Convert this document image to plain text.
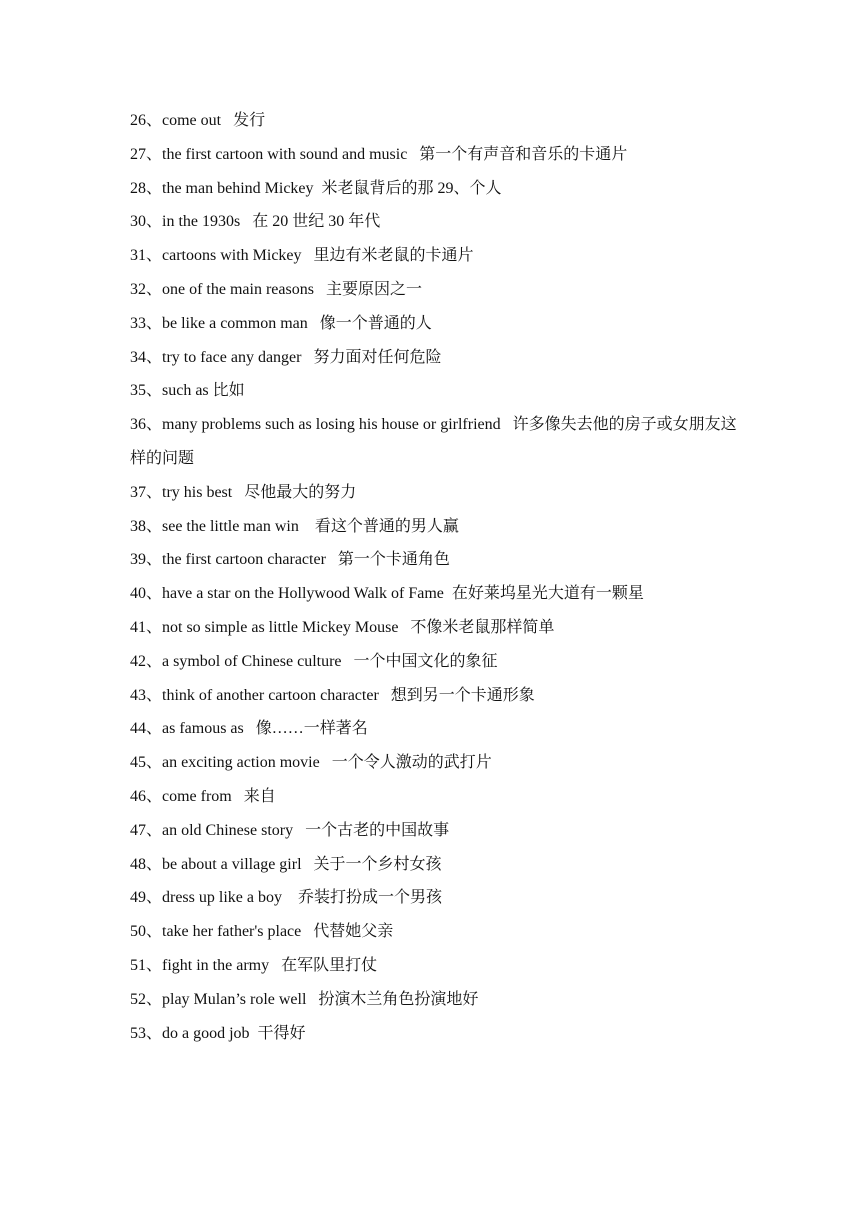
26、come out   发行
27、the first cartoon with sound and music   第一个有声音和音乐的卡通片
28、the man behind Mickey  米老鼠背后的那 29、个人
30、in the 1930s   在 20 世纪 30 年代
31、cartoons with Mickey   里边有米老鼠的卡通片
32、one of the main reasons   主要原因之一
33、be like a common man   像一个普通的人
34、try to face any danger   努力面对任何危险
35、such as 比如
36、many problems such as losing his house or girlfriend   许多像失去他的房子或女朋友这样的问题
37、try his best   尽他最大的努力
38、see the little man win    看这个普通的男人赢
39、the first cartoon character   第一个卡通角色
40、have a star on the Hollywood Walk of Fame  在好莱坞星光大道有一颗星
41、not so simple as little Mickey Mouse   不像米老鼠那样简单
42、a symbol of Chinese culture   一个中国文化的象征
43、think of another cartoon character   想到另一个卡通形象
44、as famous as   像……一样著名
45、an exciting action movie   一个令人激动的武打片
46、come from   来自
47、an old Chinese story   一个古老的中国故事
48、be about a village girl   关于一个乡村女孩
49、dress up like a boy    乔装打扮成一个男孩
50、take her father's place   代替她父亲
51、fight in the army   在军队里打仗
52、play Mulan’s role well   扮演木兰角色扮演地好
53、do a good job  干得好
